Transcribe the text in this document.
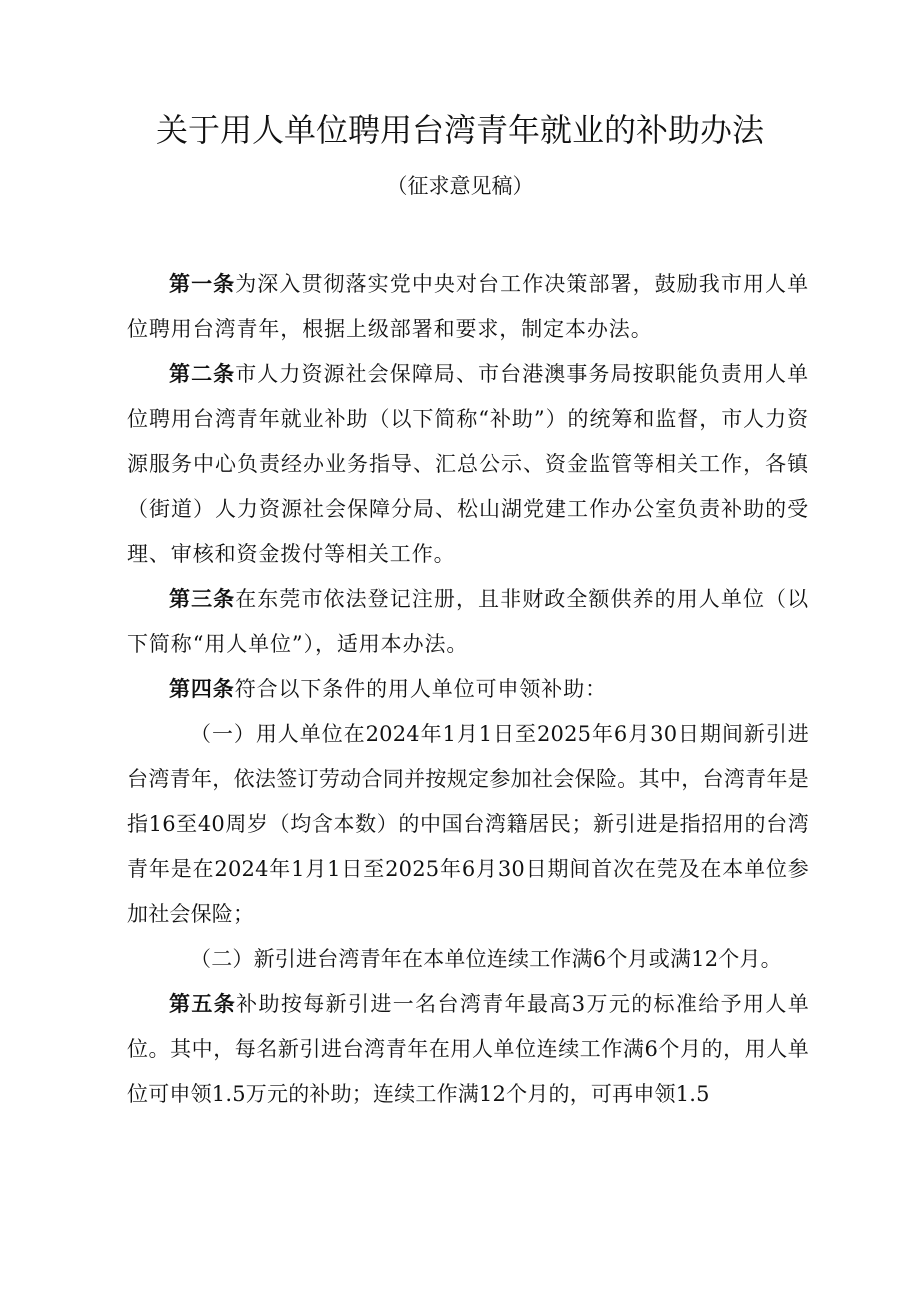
关于用人单位聘用台湾青年就业的补助办法
（征求意见稿）

第一条为深入贯彻落实党中央对台工作决策部署，鼓励我市用人单位聘用台湾青年，根据上级部署和要求，制定本办法。

第二条市人力资源社会保障局、市台港澳事务局按职能负责用人单位聘用台湾青年就业补助（以下简称“补助”）的统筹和监督，市人力资源服务中心负责经办业务指导、汇总公示、资金监管等相关工作，各镇（街道）人力资源社会保障分局、松山湖党建工作办公室负责补助的受理、审核和资金拨付等相关工作。

第三条在东莞市依法登记注册，且非财政全额供养的用人单位（以下简称“用人单位”），适用本办法。

第四条符合以下条件的用人单位可申领补助：

（一）用人单位在2024年1月1日至2025年6月30日期间新引进台湾青年，依法签订劳动合同并按规定参加社会保险。其中，台湾青年是指16至40周岁（均含本数）的中国台湾籍居民；新引进是指招用的台湾青年是在2024年1月1日至2025年6月30日期间首次在莞及在本单位参加社会保险；

（二）新引进台湾青年在本单位连续工作满6个月或满12个月。

第五条补助按每新引进一名台湾青年最高3万元的标准给予用人单位。其中，每名新引进台湾青年在用人单位连续工作满6个月的，用人单位可申领1.5万元的补助；连续工作满12个月的，可再申领1.5
